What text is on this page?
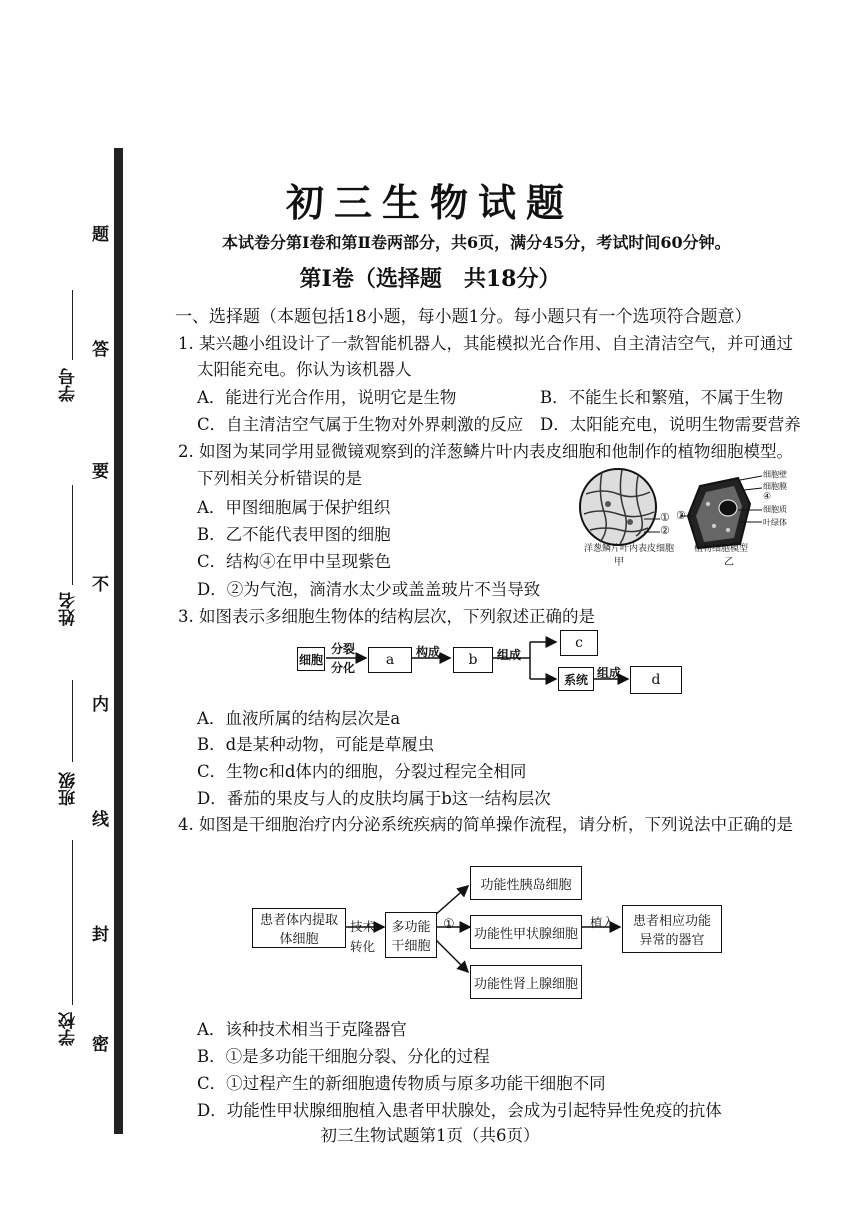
学号
姓名
班级
学校
题
答
要
不
内
线
封
密
初三生物试题
本试卷分第Ⅰ卷和第Ⅱ卷两部分，共6页，满分45分，考试时间60分钟。
第Ⅰ卷（选择题　共18分）
一、选择题（本题包括18小题，每小题1分。每小题只有一个选项符合题意）
1. 某兴趣小组设计了一款智能机器人，其能模拟光合作用、自主清洁空气，并可通过
太阳能充电。你认为该机器人
A．能进行光合作用，说明它是生物	B．不能生长和繁殖，不属于生物
C．自主清洁空气属于生物对外界刺激的反应 D．太阳能充电，说明生物需要营养
2. 如图为某同学用显微镜观察到的洋葱鳞片叶内表皮细胞和他制作的植物细胞模型。
下列相关分析错误的是
A．甲图细胞属于保护组织
B．乙不能代表甲图的细胞
C．结构④在甲中呈现紫色
D．②为气泡，滴清水太少或盖盖玻片不当导致
①
②
③
细胞壁
细胞膜
④
细胞质
叶绿体
洋葱鳞片叶内表皮细胞
甲
植物细胞模型
乙
3. 如图表示多细胞生物体的结构层次，下列叙述正确的是
细胞
分裂
分化	a	构成	b	组成
c
系统 组成	d
A．血液所属的结构层次是a
B．d是某种动物，可能是草履虫
C．生物c和d体内的细胞，分裂过程完全相同
D．番茄的果皮与人的皮肤均属于b这一结构层次
4. 如图是干细胞治疗内分泌系统疾病的简单操作流程，请分析，下列说法中正确的是
患者体内提取体细胞
技术
转化
多功能干细胞
①
功能性胰岛细胞
功能性甲状腺细胞
功能性肾上腺细胞
植入	患者相应功能异常的器官
A．该种技术相当于克隆器官
B．①是多功能干细胞分裂、分化的过程
C．①过程产生的新细胞遗传物质与原多功能干细胞不同
D．功能性甲状腺细胞植入患者甲状腺处，会成为引起特异性免疫的抗体
初三生物试题第1页（共6页）
